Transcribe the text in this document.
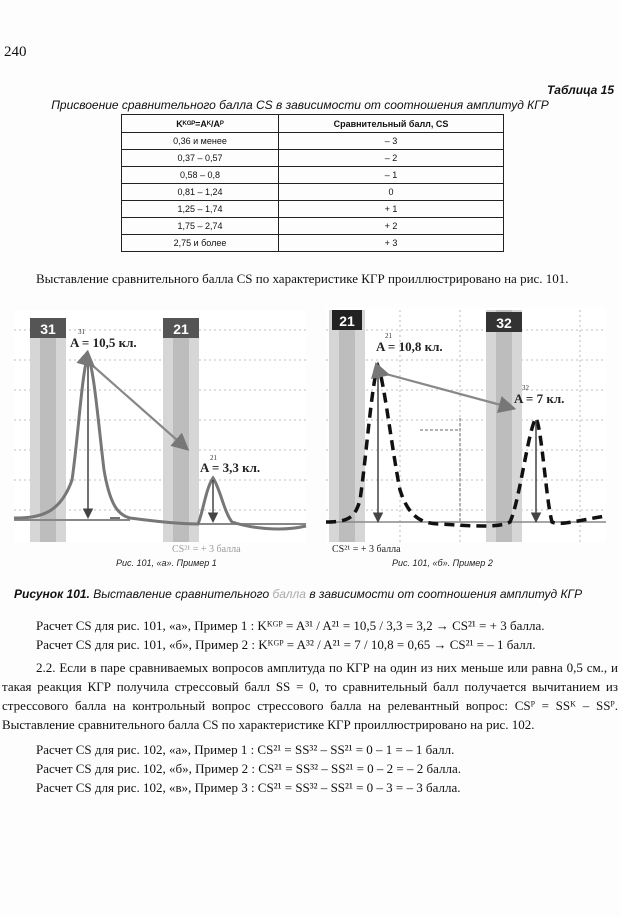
240
Таблица 15
Присвоение сравнительного балла CS в зависимости от соотношения амплитуд КГР
Kᴷᴳᴾ=Aᴷ/Aᴾ	Сравнительный балл, CS
0,36 и менее	– 3
0,37 – 0,57	– 2
0,58 – 0,8	– 1
0,81 – 1,24	0
1,25 – 1,74	+ 1
1,75 – 2,74	+ 2
2,75 и более	+ 3
Выставление сравнительного балла CS по характеристике КГР проиллюстрировано на рис. 101.
31	21
31
A = 10,5 кл.
21
A = 3,3 кл.
CS²¹ = + 3 балла
Рис. 101, «а». Пример 1
21	32
21
A = 10,8 кл.
32
A = 7 кл.
CS²¹ = + 3 балла
Рис. 101, «б». Пример 2
Рисунок 101. Выставление сравнительного балла в зависимости от соотношения амплитуд КГР
Расчет CS для рис. 101, «а», Пример 1 : Kᴷᴳᴾ = A³¹ / A²¹ = 10,5 / 3,3 = 3,2 → CS²¹ = + 3 балла.
Расчет CS для рис. 101, «б», Пример 2 : Kᴷᴳᴾ = A³² / A²¹ = 7 / 10,8 = 0,65 → CS²¹ = – 1 балл.
2.2. Если в паре сравниваемых вопросов амплитуда по КГР на один из них меньше или равна 0,5 см., и такая реакция КГР получила стрессовый балл SS = 0, то сравнительный балл получается вычитанием из стрессового балла на контрольный вопрос стрессового балла на релевантный вопрос: CSᴾ = SSᴷ – SSᴾ. Выставление сравнительного балла CS по характеристике КГР проиллюстрировано на рис. 102.
Расчет CS для рис. 102, «а», Пример 1 : CS²¹ = SS³² – SS²¹ = 0 – 1 = – 1 балл.
Расчет CS для рис. 102, «б», Пример 2 : CS²¹ = SS³² – SS²¹ = 0 – 2 = – 2 балла.
Расчет CS для рис. 102, «в», Пример 3 : CS²¹ = SS³² – SS²¹ = 0 – 3 = – 3 балла.
